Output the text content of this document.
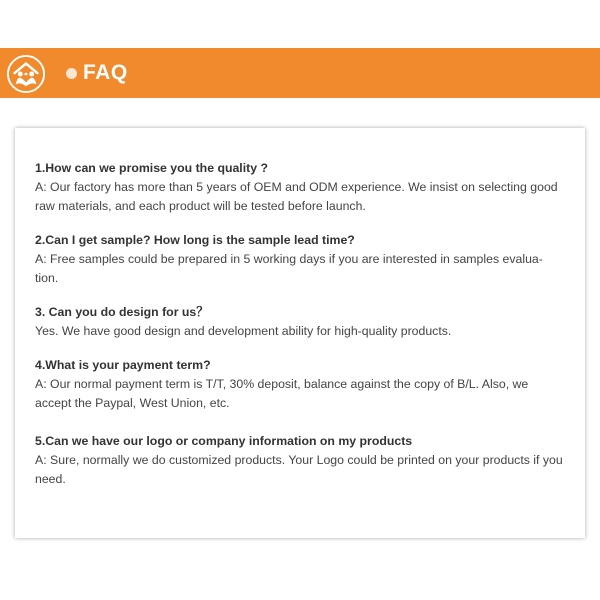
FAQ

1.How can we promise you the quality ?

A: Our factory has more than 5 years of OEM and ODM experience. We insist on selecting good raw materials, and each product will be tested before launch.

2.Can I get sample? How long is the sample lead time?

A: Free samples could be prepared in 5 working days if you are interested in samples evalua-tion.

3. Can you do design for us？

Yes. We have good design and development ability for high-quality products.

4.What is your payment term?

A: Our normal payment term is T/T, 30% deposit, balance against the copy of B/L. Also, we accept the Paypal, West Union, etc.

5.Can we have our logo or company information on my products

A: Sure, normally we do customized products. Your Logo could be printed on your products if you need.
